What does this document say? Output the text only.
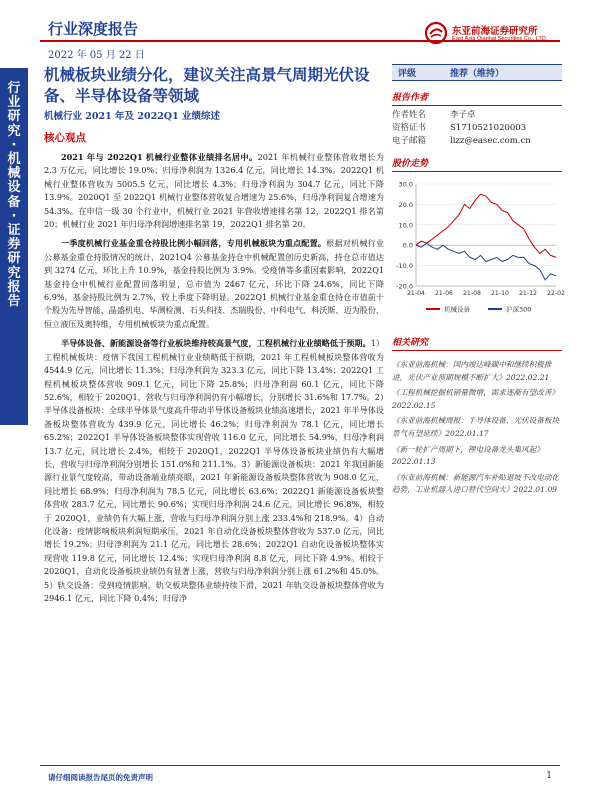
行业深度报告
2022 年 05 月 22 日
东亚前海证券研究所
East Asia Qianhai Securities Co., LTD.
行业研究·机械设备·证券研究报告
机械板块业绩分化，建议关注高景气周期光伏设备、半导体设备等领域
机械行业 2021 年及 2022Q1 业绩综述
核心观点

2021 年与 2022Q1 机械行业整体业绩排名居中。2021 年机械行业整体营收增长为 2.3 万亿元，同比增长 19.0%；归母净利润为 1326.4 亿元，同比增长 14.3%。2022Q1 机械行业整体营收为 5005.5 亿元，同比增长 4.3%；归母净利润为 304.7 亿元，同比下降 13.9%。2020Q1 至 2022Q1 机械行业整体营收复合增速为 25.6%，归母净利润复合增速为 54.3%。在申信一级 30 个行业中，机械行业 2021 年营收增速排名第 12，2022Q1 排名第 20；机械行业 2021 年归母净利润增速排名第 19，2022Q1 排名第 20。

一季度机械行业基金重仓持股比例小幅回落，专用机械板块为重点配置。根据对机械行业公募基金重仓持股情况的统计，2021Q4 公募基金持仓中机械配置创历史新高，持仓总市值达到 3274 亿元，环比上升 10.9%，基金持股比例为 3.9%。受疫情等多重因素影响，2022Q1 基金持仓中机械行业配置回落明显，总市值为 2467 亿元，环比下降 24.6%，同比下降 6.9%，基金持股比例为 2.7%，较上季度下降明显。2022Q1 机械行业基金重仓持仓市值前十个股为先导智能、晶盛机电、华测检测、石头科技、杰瑞股份、中科电气、科沃斯、迈为股份、恒立液压及奥特维，专用机械板块为重点配置。

半导体设备、新能源设备等行业板块维持较高景气度，工程机械行业业绩略低于预期。1）工程机械板块：疫情下我国工程机械行业业绩略低于预期，2021 年工程机械板块整体营收为 4544.9 亿元，同比增长 11.3%；归母净利润为 323.3 亿元，同比下降 13.4%；2022Q1 工程机械板块整体营收 909.1 亿元，同比下降 25.8%；归母净利润 60.1 亿元，同比下降 52.6%，相较于 2020Q1，营收与归母净利润仍有小幅增长，分别增长 31.6%和 17.7%。2）半导体设备板块：全球半导体景气度高升带动半导体设备板块业绩高速增长，2021 年半导体设备板块整体营收为 439.9 亿元，同比增长 46.2%；归母净利润为 78.1 亿元，同比增长 65.2%；2022Q1 半导体设备板块整体实现营收 116.0 亿元，同比增长 54.9%，归母净利润 13.7 亿元，同比增长 2.4%，相较于 2020Q1，2022Q1 半导体设备板块业绩仍有大幅增长，营收与归母净利润分别增长 151.0%和 211.1%。3）新能源设备板块：2021 年我国新能源行业景气度较高，带动设备端业绩亮眼，2021 年新能源设备板块整体营收为 908.0 亿元，同比增长 68.9%；归母净利润为 78.5 亿元，同比增长 63.6%；2022Q1 新能源设备板块整体营收 283.7 亿元，同比增长 90.6%；实现归母净利润 24.6 亿元，同比增长 96.8%，相较于 2020Q1，业绩仍有大幅上涨，营收与归母净利润分别上涨 233.4%和 218.9%。4）自动化设备：疫情影响板块利润短期承压，2021 年自动化设备板块整体营收为 537.0 亿元，同比增长 19.2%；归母净利润为 21.1 亿元，同比增长 28.6%；2022Q1 自动化设备板块整体实现营收 119.8 亿元，同比增长 12.4%；实现归母净利润 8.8 亿元，同比下降 4.9%。相较于 2020Q1，自动化设备板块业绩仍有显著上涨，营收与归母净利润分别上涨 61.2%和 45.0%。5）轨交设备：受到疫情影响，轨交板块整体业绩持续下滑，2021 年轨交设备板块整体营收为 2946.1 亿元，同比下降 0.4%；归母净

评级	推荐（维持）
报告作者
作者姓名	李子卓
资格证书	S1710521020003
电子邮箱	lizz@easec.com.cn
股价走势
30.0
20.0
10.0
0.0
-10.0
-20.0
21-04 21-06 21-08 21-10 21-12 22-02
机械设备	沪深300
相关研究
《东亚前海机械：国内竣达峰碳中和继续积极推进，光伏产业预期规模不断扩大》2022.02.21
《工程机械挖掘机销量微增，需求逐渐有望改善》2022.02.15
《东亚前海机械周报：半导体设备、光伏设备板块景气有望延续》2022.01.17
《新一轮扩产周期下，锂电设备龙头集风起》2022.01.13
《东亚前海机械：新能源汽车补贴退坡不改电动化趋势，工业机器人进口替代空间大》2022.01.09
请仔细阅读报告尾页的免责声明	1
